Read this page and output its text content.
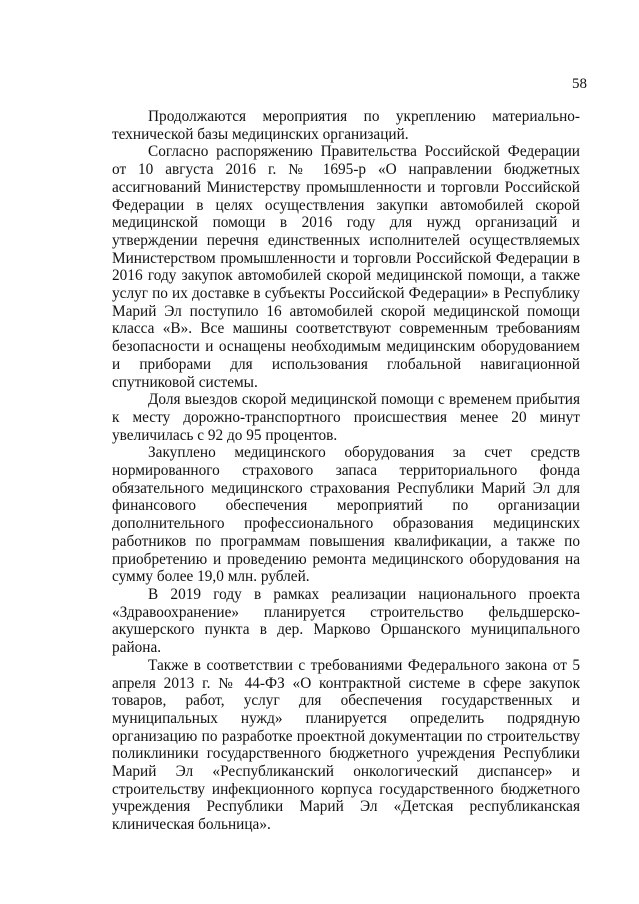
58

Продолжаются мероприятия по укреплению материально-технической базы медицинских организаций.

Согласно распоряжению Правительства Российской Федерации от 10 августа 2016 г. № 1695-р «О направлении бюджетных ассигнований Министерству промышленности и торговли Российской Федерации в целях осуществления закупки автомобилей скорой медицинской помощи в 2016 году для нужд организаций и утверждении перечня единственных исполнителей осуществляемых Министерством промышленности и торговли Российской Федерации в 2016 году закупок автомобилей скорой медицинской помощи, а также услуг по их доставке в субъекты Российской Федерации» в Республику Марий Эл поступило 16 автомобилей скорой медицинской помощи класса «В». Все машины соответствуют современным требованиям безопасности и оснащены необходимым медицинским оборудованием и приборами для использования глобальной навигационной спутниковой системы.

Доля выездов скорой медицинской помощи с временем прибытия к месту дорожно-транспортного происшествия менее 20 минут увеличилась с 92 до 95 процентов.

Закуплено медицинского оборудования за счет средств нормированного страхового запаса территориального фонда обязательного медицинского страхования Республики Марий Эл для финансового обеспечения мероприятий по организации дополнительного профессионального образования медицинских работников по программам повышения квалификации, а также по приобретению и проведению ремонта медицинского оборудования на сумму более 19,0 млн. рублей.

В 2019 году в рамках реализации национального проекта «Здравоохранение» планируется строительство фельдшерско-акушерского пункта в дер. Марково Оршанского муниципального района.

Также в соответствии с требованиями Федерального закона от 5 апреля 2013 г. № 44-ФЗ «О контрактной системе в сфере закупок товаров, работ, услуг для обеспечения государственных и муниципальных нужд» планируется определить подрядную организацию по разработке проектной документации по строительству поликлиники государственного бюджетного учреждения Республики Марий Эл «Республиканский онкологический диспансер» и строительству инфекционного корпуса государственного бюджетного учреждения Республики Марий Эл «Детская республиканская клиническая больница».
